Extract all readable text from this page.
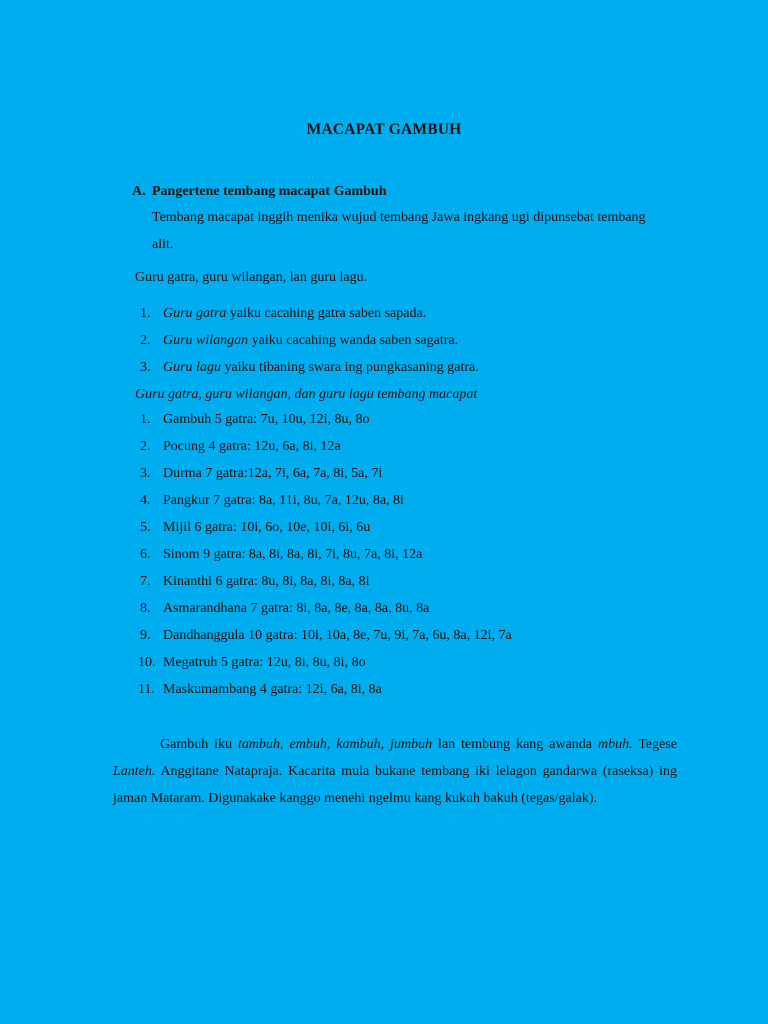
MACAPAT GAMBUH
A. Pangertene tembang macapat Gambuh
Tembang macapat inggih menika wujud tembang Jawa ingkang ugi dipunsebat tembang
alit.
Guru gatra, guru wilangan, lan guru lagu.
1. Guru gatra yaiku cacahing gatra saben sapada.
2. Guru wilangan yaiku cacahing wanda saben sagatra.
3. Guru lagu yaiku tibaning swara ing pungkasaning gatra.
Guru gatra, guru wilangan, dan guru lagu tembang macapat
1. Gambuh 5 gatra: 7u, 10u, 12i, 8u, 8o
2. Pocung 4 gatra: 12u, 6a, 8i, 12a
3. Durma 7 gatra:12a, 7i, 6a, 7a, 8i, 5a, 7i
4. Pangkur 7 gatra: 8a, 11i, 8u, 7a, 12u, 8a, 8i
5. Mijil 6 gatra: 10i, 6o, 10e, 10i, 6i, 6u
6. Sinom 9 gatra: 8a, 8i, 8a, 8i, 7i, 8u, 7a, 8i, 12a
7. Kinanthi 6 gatra: 8u, 8i, 8a, 8i, 8a, 8i
8. Asmarandhana 7 gatra: 8i, 8a, 8e, 8a, 8a, 8u, 8a
9. Dandhanggula 10 gatra: 10i, 10a, 8e, 7u, 9i, 7a, 6u, 8a, 12i, 7a
10. Megatruh 5 gatra: 12u, 8i, 8u, 8i, 8o
11. Maskumambang 4 gatra: 12i, 6a, 8i, 8a
Gambuh iku tambuh, embuh, kambuh, jumbuh lan tembung kang awanda mbuh. Tegese Lanteh. Anggitane Natapraja. Kacarita mula bukane tembang iki lelagon gandarwa (raseksa) ing jaman Mataram. Digunakake kanggo menehi ngelmu kang kukuh bakuh (tegas/galak).
